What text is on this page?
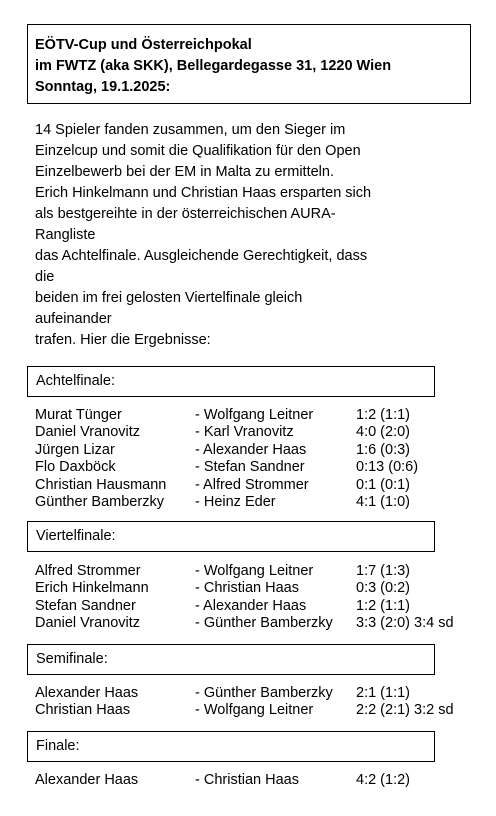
EÖTV-Cup und Österreichpokal
im FWTZ (aka SKK), Bellegardegasse 31, 1220 Wien
Sonntag, 19.1.2025:
14 Spieler fanden zusammen, um den Sieger im
Einzelcup und somit die Qualifikation für den Open
Einzelbewerb bei der EM in Malta zu ermitteln.
Erich Hinkelmann und Christian Haas ersparten sich
als bestgereihte in der österreichischen AURA-
Rangliste
das Achtelfinale. Ausgleichende Gerechtigkeit, dass
die
beiden im frei gelosten Viertelfinale gleich
aufeinander
trafen. Hier die Ergebnisse:
Achtelfinale:
Murat Tünger	- Wolfgang Leitner	1:2 (1:1)
Daniel Vranovitz	- Karl Vranovitz	4:0 (2:0)
Jürgen Lizar	- Alexander Haas	1:6 (0:3)
Flo Daxböck	- Stefan Sandner	0:13 (0:6)
Christian Hausmann - Alfred Strommer	0:1 (0:1)
Günther Bamberzky - Heinz Eder	4:1 (1:0)
Viertelfinale:
Alfred Strommer	- Wolfgang Leitner	1:7 (1:3)
Erich Hinkelmann	- Christian Haas	0:3 (0:2)
Stefan Sandner	- Alexander Haas	1:2 (1:1)
Daniel Vranovitz	- Günther Bamberzky 3:3 (2:0) 3:4 sd
Semifinale:
Alexander Haas	- Günther Bamberzky 2:1 (1:1)
Christian Haas	- Wolfgang Leitner	2:2 (2:1) 3:2 sd
Finale:
Alexander Haas	- Christian Haas	4:2 (1:2)
